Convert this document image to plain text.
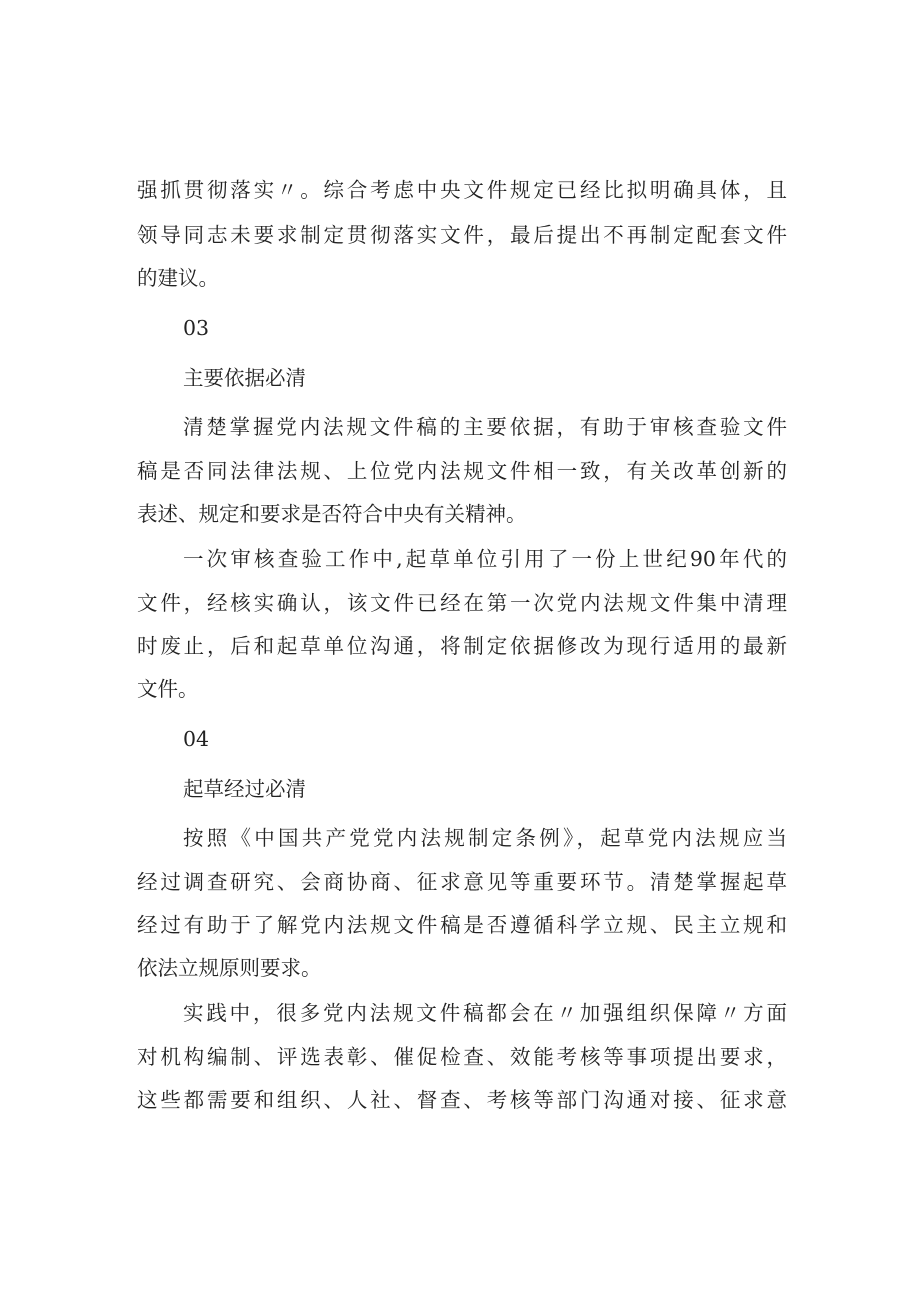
强抓贯彻落实〃。综合考虑中央文件规定已经比拟明确具体，且
领导同志未要求制定贯彻落实文件，最后提出不再制定配套文件
的建议。
03
主要依据必清
清楚掌握党内法规文件稿的主要依据，有助于审核查验文件
稿是否同法律法规、上位党内法规文件相一致，有关改革创新的
表述、规定和要求是否符合中央有关精神。
一次审核查验工作中,起草单位引用了一份上世纪90年代的
文件，经核实确认，该文件已经在第一次党内法规文件集中清理
时废止，后和起草单位沟通，将制定依据修改为现行适用的最新
文件。
04
起草经过必清
按照《中国共产党党内法规制定条例》，起草党内法规应当
经过调查研究、会商协商、征求意见等重要环节。清楚掌握起草
经过有助于了解党内法规文件稿是否遵循科学立规、民主立规和
依法立规原则要求。
实践中，很多党内法规文件稿都会在〃加强组织保障〃方面
对机构编制、评选表彰、催促检查、效能考核等事项提出要求，
这些都需要和组织、人社、督查、考核等部门沟通对接、征求意
